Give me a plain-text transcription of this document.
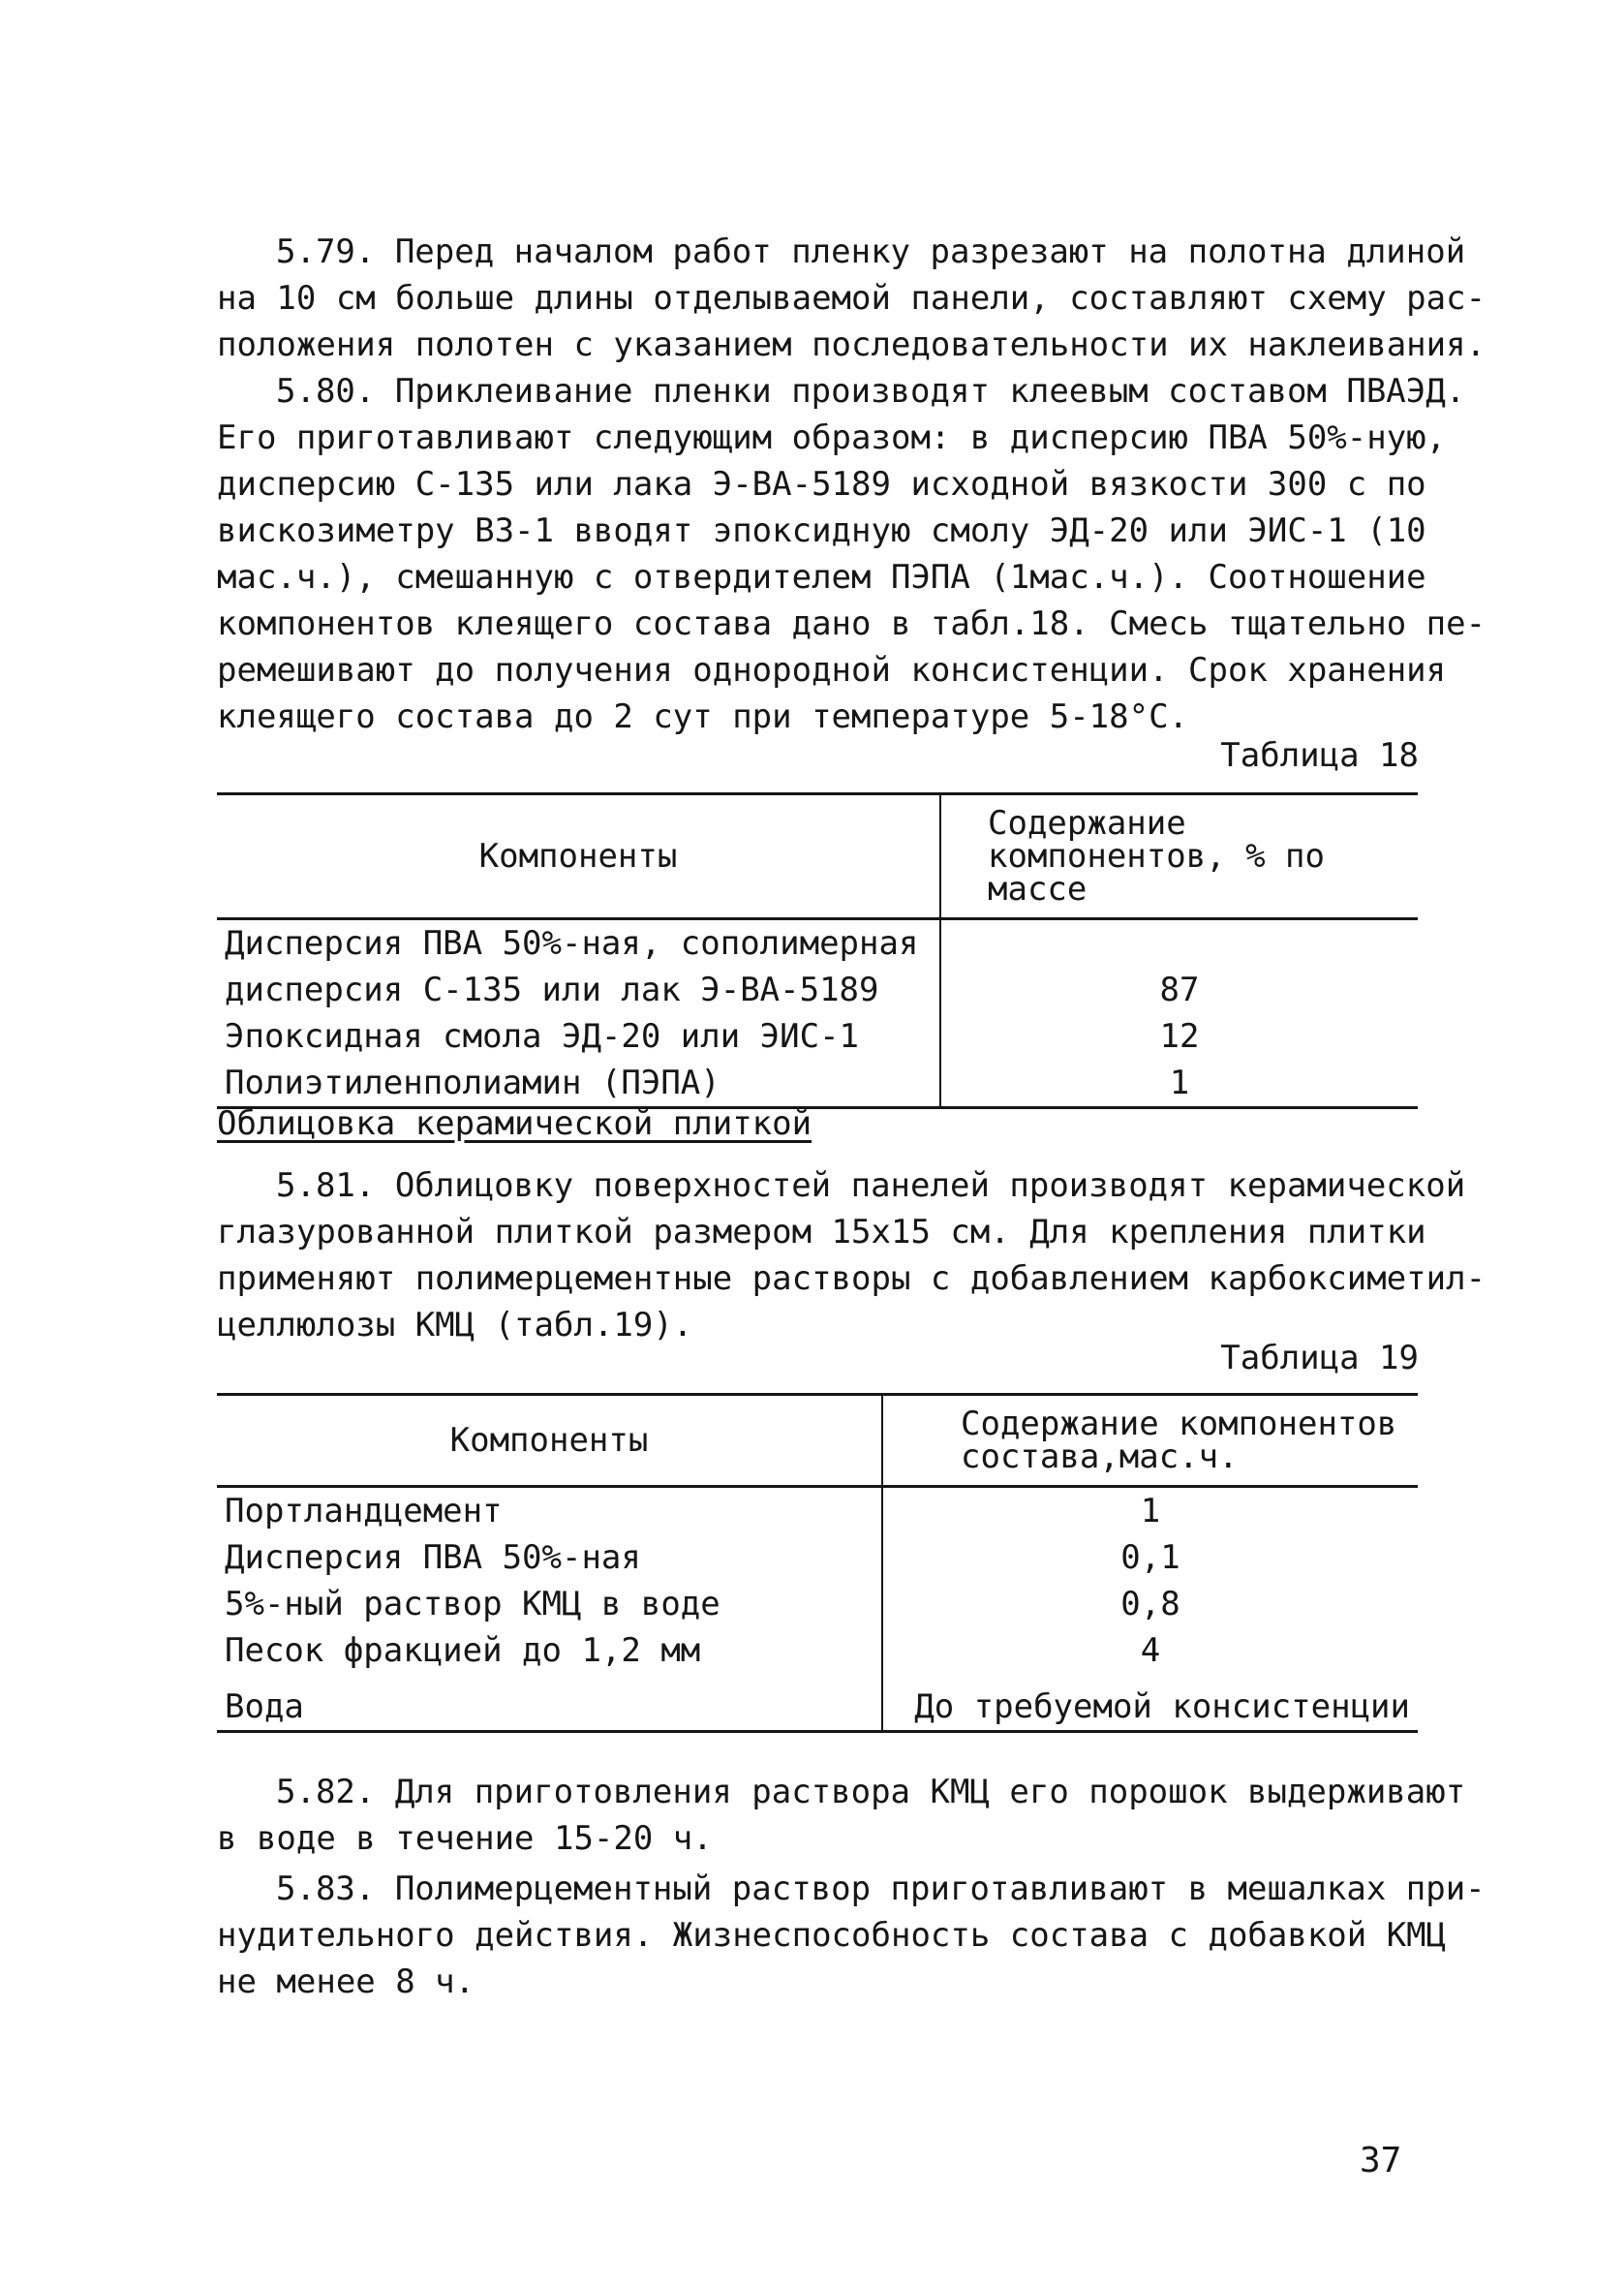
5.79. Перед началом работ пленку разрезают на полотна длиной
на 10 см больше длины отделываемой панели, составляют схему рас-
положения полотен с указанием последовательности их наклеивания.
5.80. Приклеивание пленки производят клеевым составом ПВАЭД.
Его приготавливают следующим образом: в дисперсию ПВА 50%-ную,
дисперсию С-135 или лака Э-ВА-5189 исходной вязкости 300 с по
вискозиметру ВЗ-1 вводят эпоксидную смолу ЭД-20 или ЭИС-1 (10
мас.ч.), смешанную с отвердителем ПЭПА (1мас.ч.). Соотношение
компонентов клеящего состава дано в табл.18. Смесь тщательно пе-
ремешивают до получения однородной консистенции. Срок хранения
клеящего состава до 2 сут при температуре 5-18°С.
Таблица 18
Компоненты	Содержание компонентов, % по массе
Дисперсия ПВА 50%-ная, сополимерная	
дисперсия С-135 или лак Э-ВА-5189	87
Эпоксидная смола ЭД-20 или ЭИС-1	12
Полиэтиленполиамин (ПЭПА)	1
Облицовка керамической плиткой
5.81. Облицовку поверхностей панелей производят керамической
глазурованной плиткой размером 15x15 см. Для крепления плитки
применяют полимерцементные растворы с добавлением карбоксиметил-
целлюлозы КМЦ (табл.19).
Таблица 19
Компоненты	Содержание компонентов состава,мас.ч.
Портландцемент	1
Дисперсия ПВА 50%-ная	0,1
5%-ный раствор КМЦ в воде	0,8
Песок фракцией до 1,2 мм	4
Вода	До требуемой консистенции
5.82. Для приготовления раствора КМЦ его порошок выдерживают
в воде в течение 15-20 ч.
5.83. Полимерцементный раствор приготавливают в мешалках при-
нудительного действия. Жизнеспособность состава с добавкой КМЦ
не менее 8 ч.
37
